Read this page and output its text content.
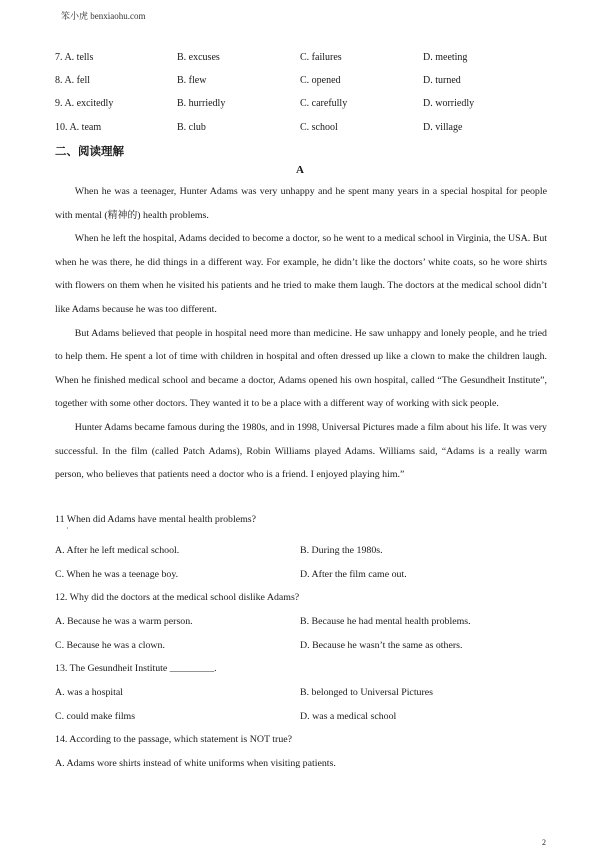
笨小虎 benxiaohu.com
7. A. tells	B. excuses	C. failures	D. meeting
8. A. fell	B. flew	C. opened	D. turned
9. A. excitedly	B. hurriedly	C. carefully	D. worriedly
10. A. team	B. club	C. school	D. village
二、阅读理解
A

When he was a teenager, Hunter Adams was very unhappy and he spent many years in a special hospital for people with mental (精神的) health problems.

When he left the hospital, Adams decided to become a doctor, so he went to a medical school in Virginia, the USA. But when he was there, he did things in a different way. For example, he didn’t like the doctors’ white coats, so he wore shirts with flowers on them when he visited his patients and he tried to make them laugh. The doctors at the medical school didn’t like Adams because he was too different.

But Adams believed that people in hospital need more than medicine. He saw unhappy and lonely people, and he tried to help them. He spent a lot of time with children in hospital and often dressed up like a clown to make the children laugh. When he finished medical school and became a doctor, Adams opened his own hospital, called “The Gesundheit Institute”, together with some other doctors. They wanted it to be a place with a different way of working with sick people.

Hunter Adams became famous during the 1980s, and in 1998, Universal Pictures made a film about his life. It was very successful. In the film (called Patch Adams), Robin Williams played Adams. Williams said, “Adams is a really warm person, who believes that patients need a doctor who is a friend. I enjoyed playing him.”

11 When did Adams have mental health problems?
·
A. After he left medical school.	B. During the 1980s.
C. When he was a teenage boy.	D. After the film came out.
12. Why did the doctors at the medical school dislike Adams?
A. Because he was a warm person.	B. Because he had mental health problems.
C. Because he was a clown.	D. Because he wasn’t the same as others.
13. The Gesundheit Institute _________.
A. was a hospital	B. belonged to Universal Pictures
C. could make films	D. was a medical school
14. According to the passage, which statement is NOT true?
A. Adams wore shirts instead of white uniforms when visiting patients.
2
